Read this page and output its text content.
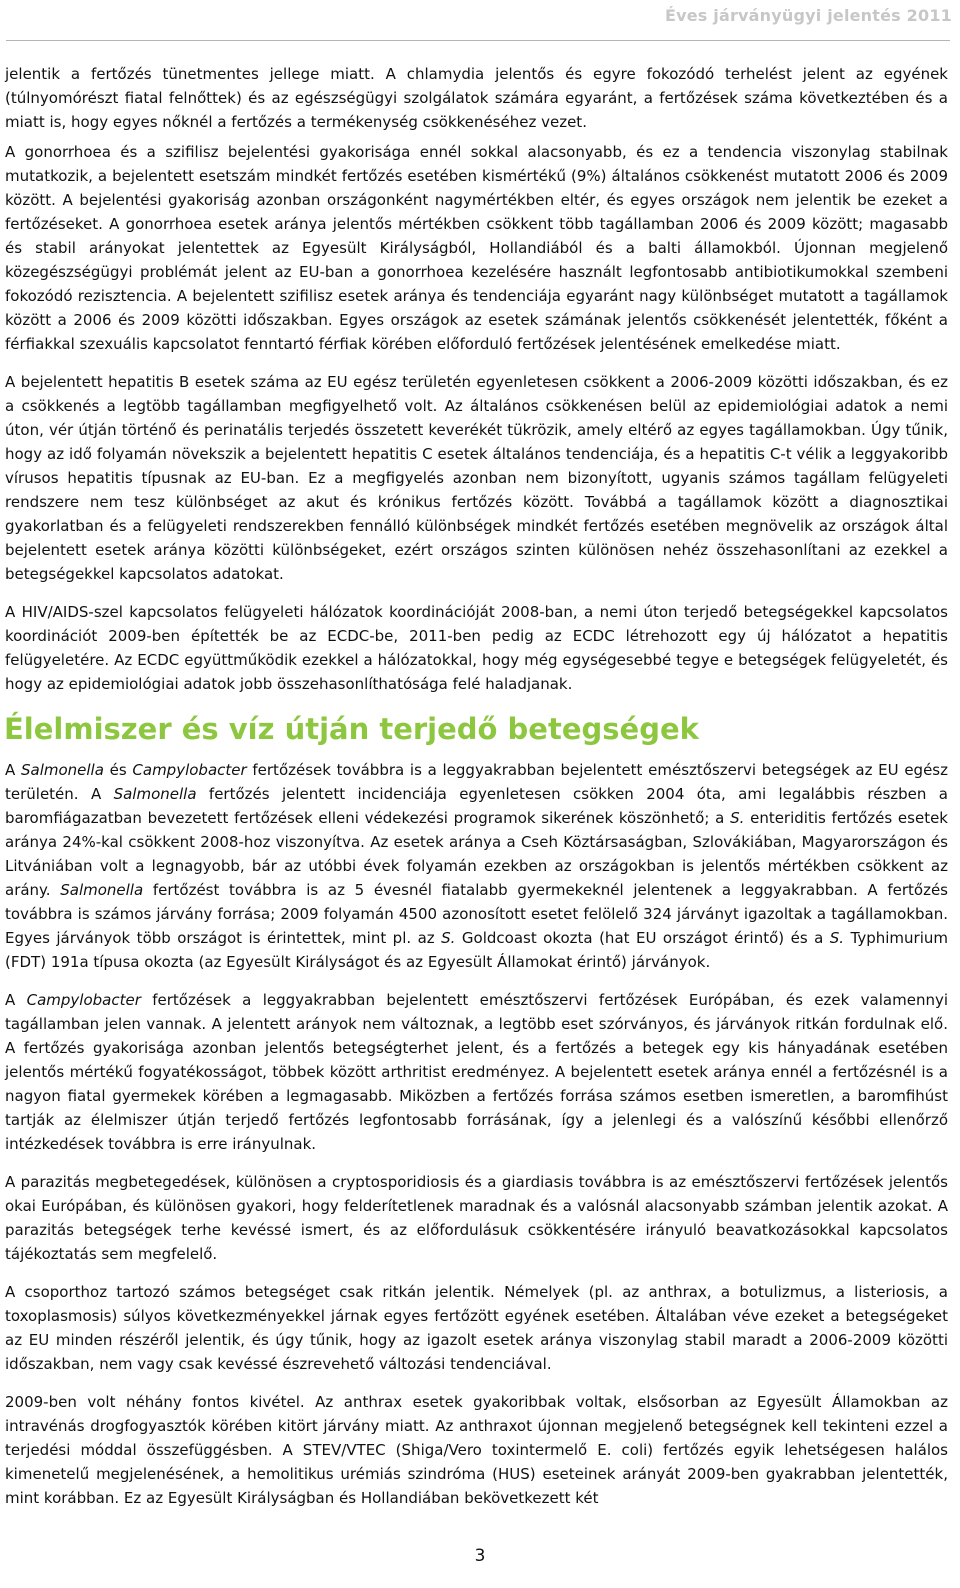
Éves járványügyi jelentés 2011

jelentik a fertőzés tünetmentes jellege miatt. A chlamydia jelentős és egyre fokozódó terhelést jelent az egyének (túlnyomórészt fiatal felnőttek) és az egészségügyi szolgálatok számára egyaránt, a fertőzések száma következtében és a miatt is, hogy egyes nőknél a fertőzés a termékenység csökkenéséhez vezet.

A gonorrhoea és a szifilisz bejelentési gyakorisága ennél sokkal alacsonyabb, és ez a tendencia viszonylag stabilnak mutatkozik, a bejelentett esetszám mindkét fertőzés esetében kismértékű (9%) általános csökkenést mutatott 2006 és 2009 között. A bejelentési gyakoriság azonban országonként nagymértékben eltér, és egyes országok nem jelentik be ezeket a fertőzéseket. A gonorrhoea esetek aránya jelentős mértékben csökkent több tagállamban 2006 és 2009 között; magasabb és stabil arányokat jelentettek az Egyesült Királyságból, Hollandiából és a balti államokból. Újonnan megjelenő közegészségügyi problémát jelent az EU-ban a gonorrhoea kezelésére használt legfontosabb antibiotikumokkal szembeni fokozódó rezisztencia. A bejelentett szifilisz esetek aránya és tendenciája egyaránt nagy különbséget mutatott a tagállamok között a 2006 és 2009 közötti időszakban. Egyes országok az esetek számának jelentős csökkenését jelentették, főként a férfiakkal szexuális kapcsolatot fenntartó férfiak körében előforduló fertőzések jelentésének emelkedése miatt.

A bejelentett hepatitis B esetek száma az EU egész területén egyenletesen csökkent a 2006-2009 közötti időszakban, és ez a csökkenés a legtöbb tagállamban megfigyelhető volt. Az általános csökkenésen belül az epidemiológiai adatok a nemi úton, vér útján történő és perinatális terjedés összetett keverékét tükrözik, amely eltérő az egyes tagállamokban. Úgy tűnik, hogy az idő folyamán növekszik a bejelentett hepatitis C esetek általános tendenciája, és a hepatitis C-t vélik a leggyakoribb vírusos hepatitis típusnak az EU-ban. Ez a megfigyelés azonban nem bizonyított, ugyanis számos tagállam felügyeleti rendszere nem tesz különbséget az akut és krónikus fertőzés között. Továbbá a tagállamok között a diagnosztikai gyakorlatban és a felügyeleti rendszerekben fennálló különbségek mindkét fertőzés esetében megnövelik az országok által bejelentett esetek aránya közötti különbségeket, ezért országos szinten különösen nehéz összehasonlítani az ezekkel a betegségekkel kapcsolatos adatokat.

A HIV/AIDS-szel kapcsolatos felügyeleti hálózatok koordinációját 2008-ban, a nemi úton terjedő betegségekkel kapcsolatos koordinációt 2009-ben építették be az ECDC-be, 2011-ben pedig az ECDC létrehozott egy új hálózatot a hepatitis felügyeletére. Az ECDC együttműködik ezekkel a hálózatokkal, hogy még egységesebbé tegye e betegségek felügyeletét, és hogy az epidemiológiai adatok jobb összehasonlíthatósága felé haladjanak.

Élelmiszer és víz útján terjedő betegségek

A Salmonella és Campylobacter fertőzések továbbra is a leggyakrabban bejelentett emésztőszervi betegségek az EU egész területén. A Salmonella fertőzés jelentett incidenciája egyenletesen csökken 2004 óta, ami legalábbis részben a baromfiágazatban bevezetett fertőzések elleni védekezési programok sikerének köszönhető; a S. enteriditis fertőzés esetek aránya 24%-kal csökkent 2008-hoz viszonyítva. Az esetek aránya a Cseh Köztársaságban, Szlovákiában, Magyarországon és Litvániában volt a legnagyobb, bár az utóbbi évek folyamán ezekben az országokban is jelentős mértékben csökkent az arány. Salmonella fertőzést továbbra is az 5 évesnél fiatalabb gyermekeknél jelentenek a leggyakrabban. A fertőzés továbbra is számos járvány forrása; 2009 folyamán 4500 azonosított esetet felölelő 324 járványt igazoltak a tagállamokban. Egyes járványok több országot is érintettek, mint pl. az S. Goldcoast okozta (hat EU országot érintő) és a S. Typhimurium (FDT) 191a típusa okozta (az Egyesült Királyságot és az Egyesült Államokat érintő) járványok.

A Campylobacter fertőzések a leggyakrabban bejelentett emésztőszervi fertőzések Európában, és ezek valamennyi tagállamban jelen vannak. A jelentett arányok nem változnak, a legtöbb eset szórványos, és járványok ritkán fordulnak elő. A fertőzés gyakorisága azonban jelentős betegségterhet jelent, és a fertőzés a betegek egy kis hányadának esetében jelentős mértékű fogyatékosságot, többek között arthritist eredményez. A bejelentett esetek aránya ennél a fertőzésnél is a nagyon fiatal gyermekek körében a legmagasabb. Miközben a fertőzés forrása számos esetben ismeretlen, a baromfihúst tartják az élelmiszer útján terjedő fertőzés legfontosabb forrásának, így a jelenlegi és a valószínű későbbi ellenőrző intézkedések továbbra is erre irányulnak.

A parazitás megbetegedések, különösen a cryptosporidiosis és a giardiasis továbbra is az emésztőszervi fertőzések jelentős okai Európában, és különösen gyakori, hogy felderítetlenek maradnak és a valósnál alacsonyabb számban jelentik azokat. A parazitás betegségek terhe kevéssé ismert, és az előfordulásuk csökkentésére irányuló beavatkozásokkal kapcsolatos tájékoztatás sem megfelelő.

A csoporthoz tartozó számos betegséget csak ritkán jelentik. Némelyek (pl. az anthrax, a botulizmus, a listeriosis, a toxoplasmosis) súlyos következményekkel járnak egyes fertőzött egyének esetében. Általában véve ezeket a betegségeket az EU minden részéről jelentik, és úgy tűnik, hogy az igazolt esetek aránya viszonylag stabil maradt a 2006-2009 közötti időszakban, nem vagy csak kevéssé észrevehető változási tendenciával.

2009-ben volt néhány fontos kivétel. Az anthrax esetek gyakoribbak voltak, elsősorban az Egyesült Államokban az intravénás drogfogyasztók körében kitört járvány miatt. Az anthraxot újonnan megjelenő betegségnek kell tekinteni ezzel a terjedési móddal összefüggésben. A STEV/VTEC (Shiga/Vero toxintermelő E. coli) fertőzés egyik lehetségesen halálos kimenetelű megjelenésének, a hemolitikus urémiás szindróma (HUS) eseteinek arányát 2009-ben gyakrabban jelentették, mint korábban. Ez az Egyesült Királyságban és Hollandiában bekövetkezett két

3
